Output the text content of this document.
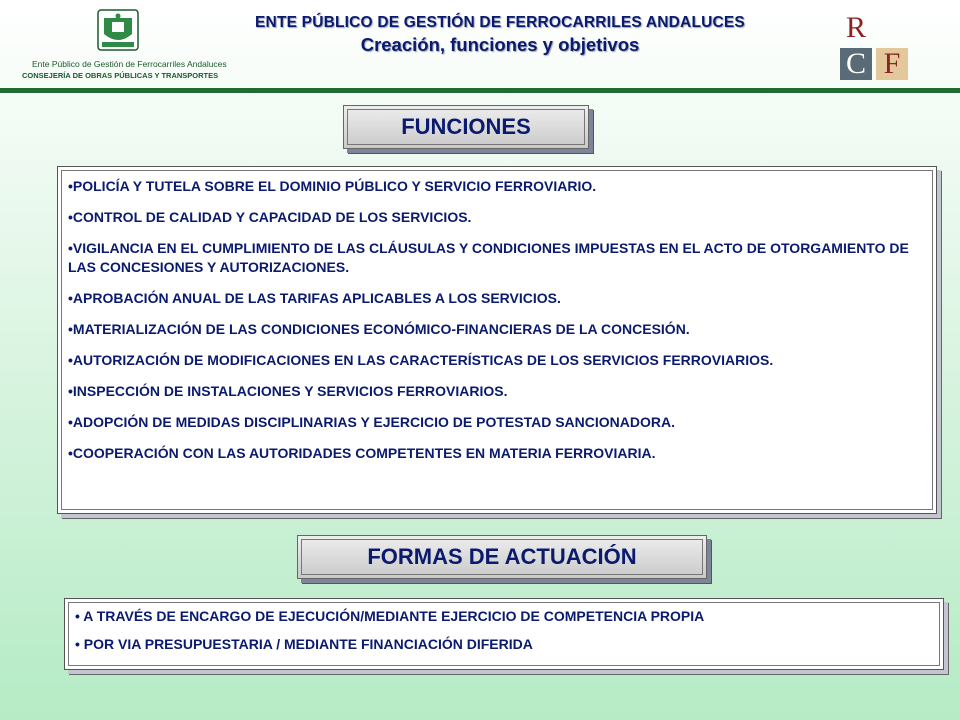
Ente Público de Gestión de Ferrocarriles Andaluces
CONSEJERÍA DE OBRAS PÚBLICAS Y TRANSPORTES
ENTE PÚBLICO DE GESTIÓN DE FERROCARRILES ANDALUCES
Creación, funciones y objetivos
R
C F
FUNCIONES
•POLICÍA Y TUTELA SOBRE EL DOMINIO PÚBLICO Y SERVICIO FERROVIARIO.
•CONTROL DE CALIDAD Y CAPACIDAD DE LOS SERVICIOS.
•VIGILANCIA EN EL CUMPLIMIENTO DE LAS CLÁUSULAS Y CONDICIONES IMPUESTAS EN EL ACTO DE OTORGAMIENTO DE LAS CONCESIONES Y AUTORIZACIONES.
•APROBACIÓN ANUAL DE LAS TARIFAS APLICABLES A LOS SERVICIOS.
•MATERIALIZACIÓN DE LAS CONDICIONES ECONÓMICO-FINANCIERAS DE LA CONCESIÓN.
•AUTORIZACIÓN DE MODIFICACIONES EN LAS CARACTERÍSTICAS DE LOS SERVICIOS FERROVIARIOS.
•INSPECCIÓN DE INSTALACIONES Y SERVICIOS FERROVIARIOS.
•ADOPCIÓN DE MEDIDAS DISCIPLINARIAS Y EJERCICIO DE POTESTAD SANCIONADORA.
•COOPERACIÓN CON LAS AUTORIDADES COMPETENTES EN MATERIA FERROVIARIA.
FORMAS DE ACTUACIÓN
• A TRAVÉS DE ENCARGO DE EJECUCIÓN/MEDIANTE EJERCICIO DE COMPETENCIA PROPIA
• POR VIA PRESUPUESTARIA / MEDIANTE FINANCIACIÓN DIFERIDA
